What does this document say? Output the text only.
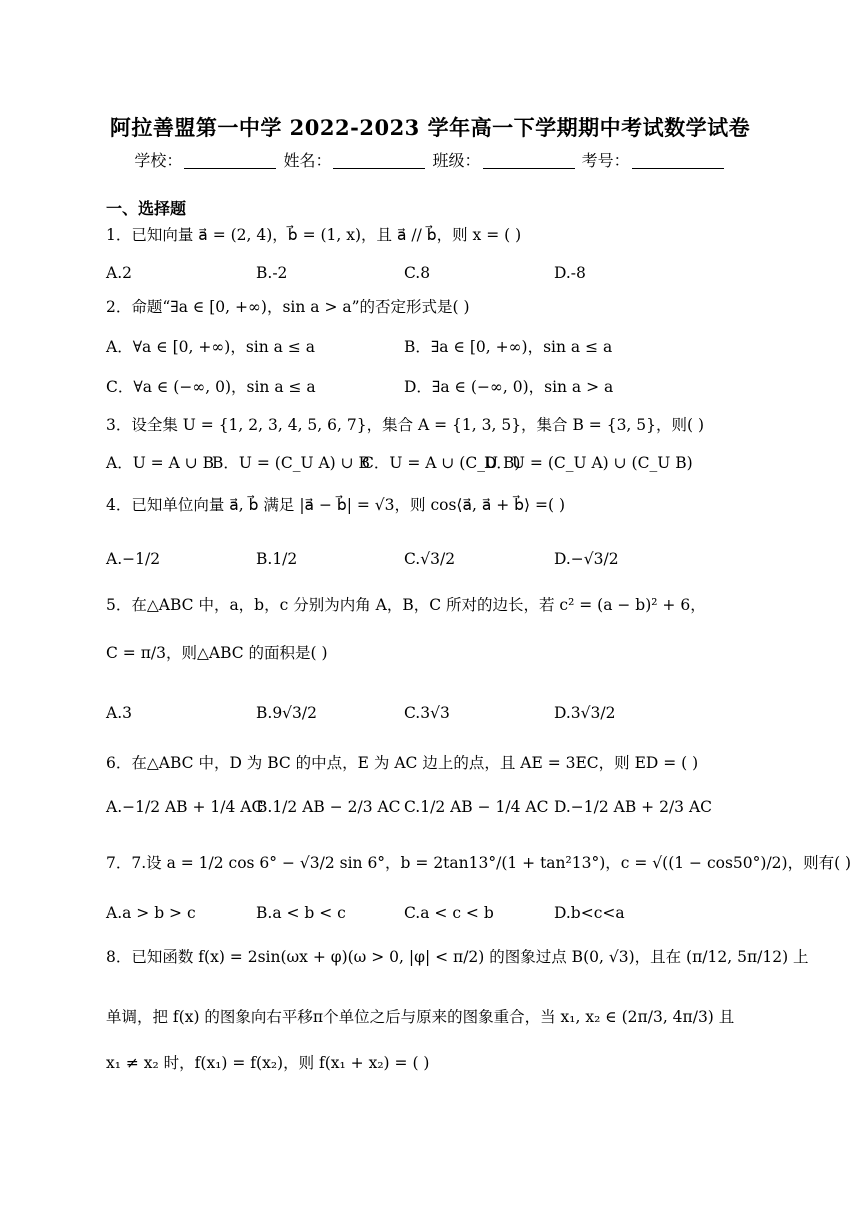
阿拉善盟第一中学 2022-2023 学年高一下学期期中考试数学试卷
学校：	姓名：	班级：	考号：
一、选择题
1．已知向量 a⃗ = (2, 4)，b⃗ = (1, x)，且 a⃗ // b⃗，则 x = ( )
A.2	B.-2	C.8	D.-8
2．命题“∃a ∈ [0, +∞)，sin a > a”的否定形式是( )
A．∀a ∈ [0, +∞)，sin a ≤ a	B．∃a ∈ [0, +∞)，sin a ≤ a
C．∀a ∈ (−∞, 0)，sin a ≤ a	D．∃a ∈ (−∞, 0)，sin a > a
3．设全集 U = {1, 2, 3, 4, 5, 6, 7}，集合 A = {1, 3, 5}，集合 B = {3, 5}，则( )
A．U = A ∪ B
B．U = (C_U A) ∪ B
C．U = A ∪ (C_U B)
D．U = (C_U A) ∪ (C_U B)
4．已知单位向量 a⃗, b⃗ 满足 |a⃗ − b⃗| = √3，则 cos⟨a⃗, a⃗ + b⃗⟩ =( )
A.−1/2	B.1/2	C.√3/2	D.−√3/2
5．在△ABC 中，a，b，c 分别为内角 A，B，C 所对的边长，若 c² = (a − b)² + 6，
C = π/3，则△ABC 的面积是( )
A.3	B.9√3/2	C.3√3	D.3√3/2
6．在△ABC 中，D 为 BC 的中点，E 为 AC 边上的点，且 AE = 3EC，则 ED = ( )
A.−1/2 AB + 1/4 AC
B.1/2 AB − 2/3 AC C.1/2 AB − 1/4 AC D.−1/2 AB + 2/3 AC
7．7.设 a = 1/2 cos 6° − √3/2 sin 6°，b = 2tan13°/(1 + tan²13°)，c = √((1 − cos50°)/2)，则有( )
A.a > b > c	B.a < b < c	C.a < c < b	D.b<c<a
8．已知函数 f(x) = 2sin(ωx + φ)(ω > 0, |φ| < π/2) 的图象过点 B(0, √3)，且在 (π/12, 5π/12) 上
单调，把 f(x) 的图象向右平移π个单位之后与原来的图象重合，当 x₁, x₂ ∈ (2π/3, 4π/3) 且
x₁ ≠ x₂ 时，f(x₁) = f(x₂)，则 f(x₁ + x₂) = ( )
